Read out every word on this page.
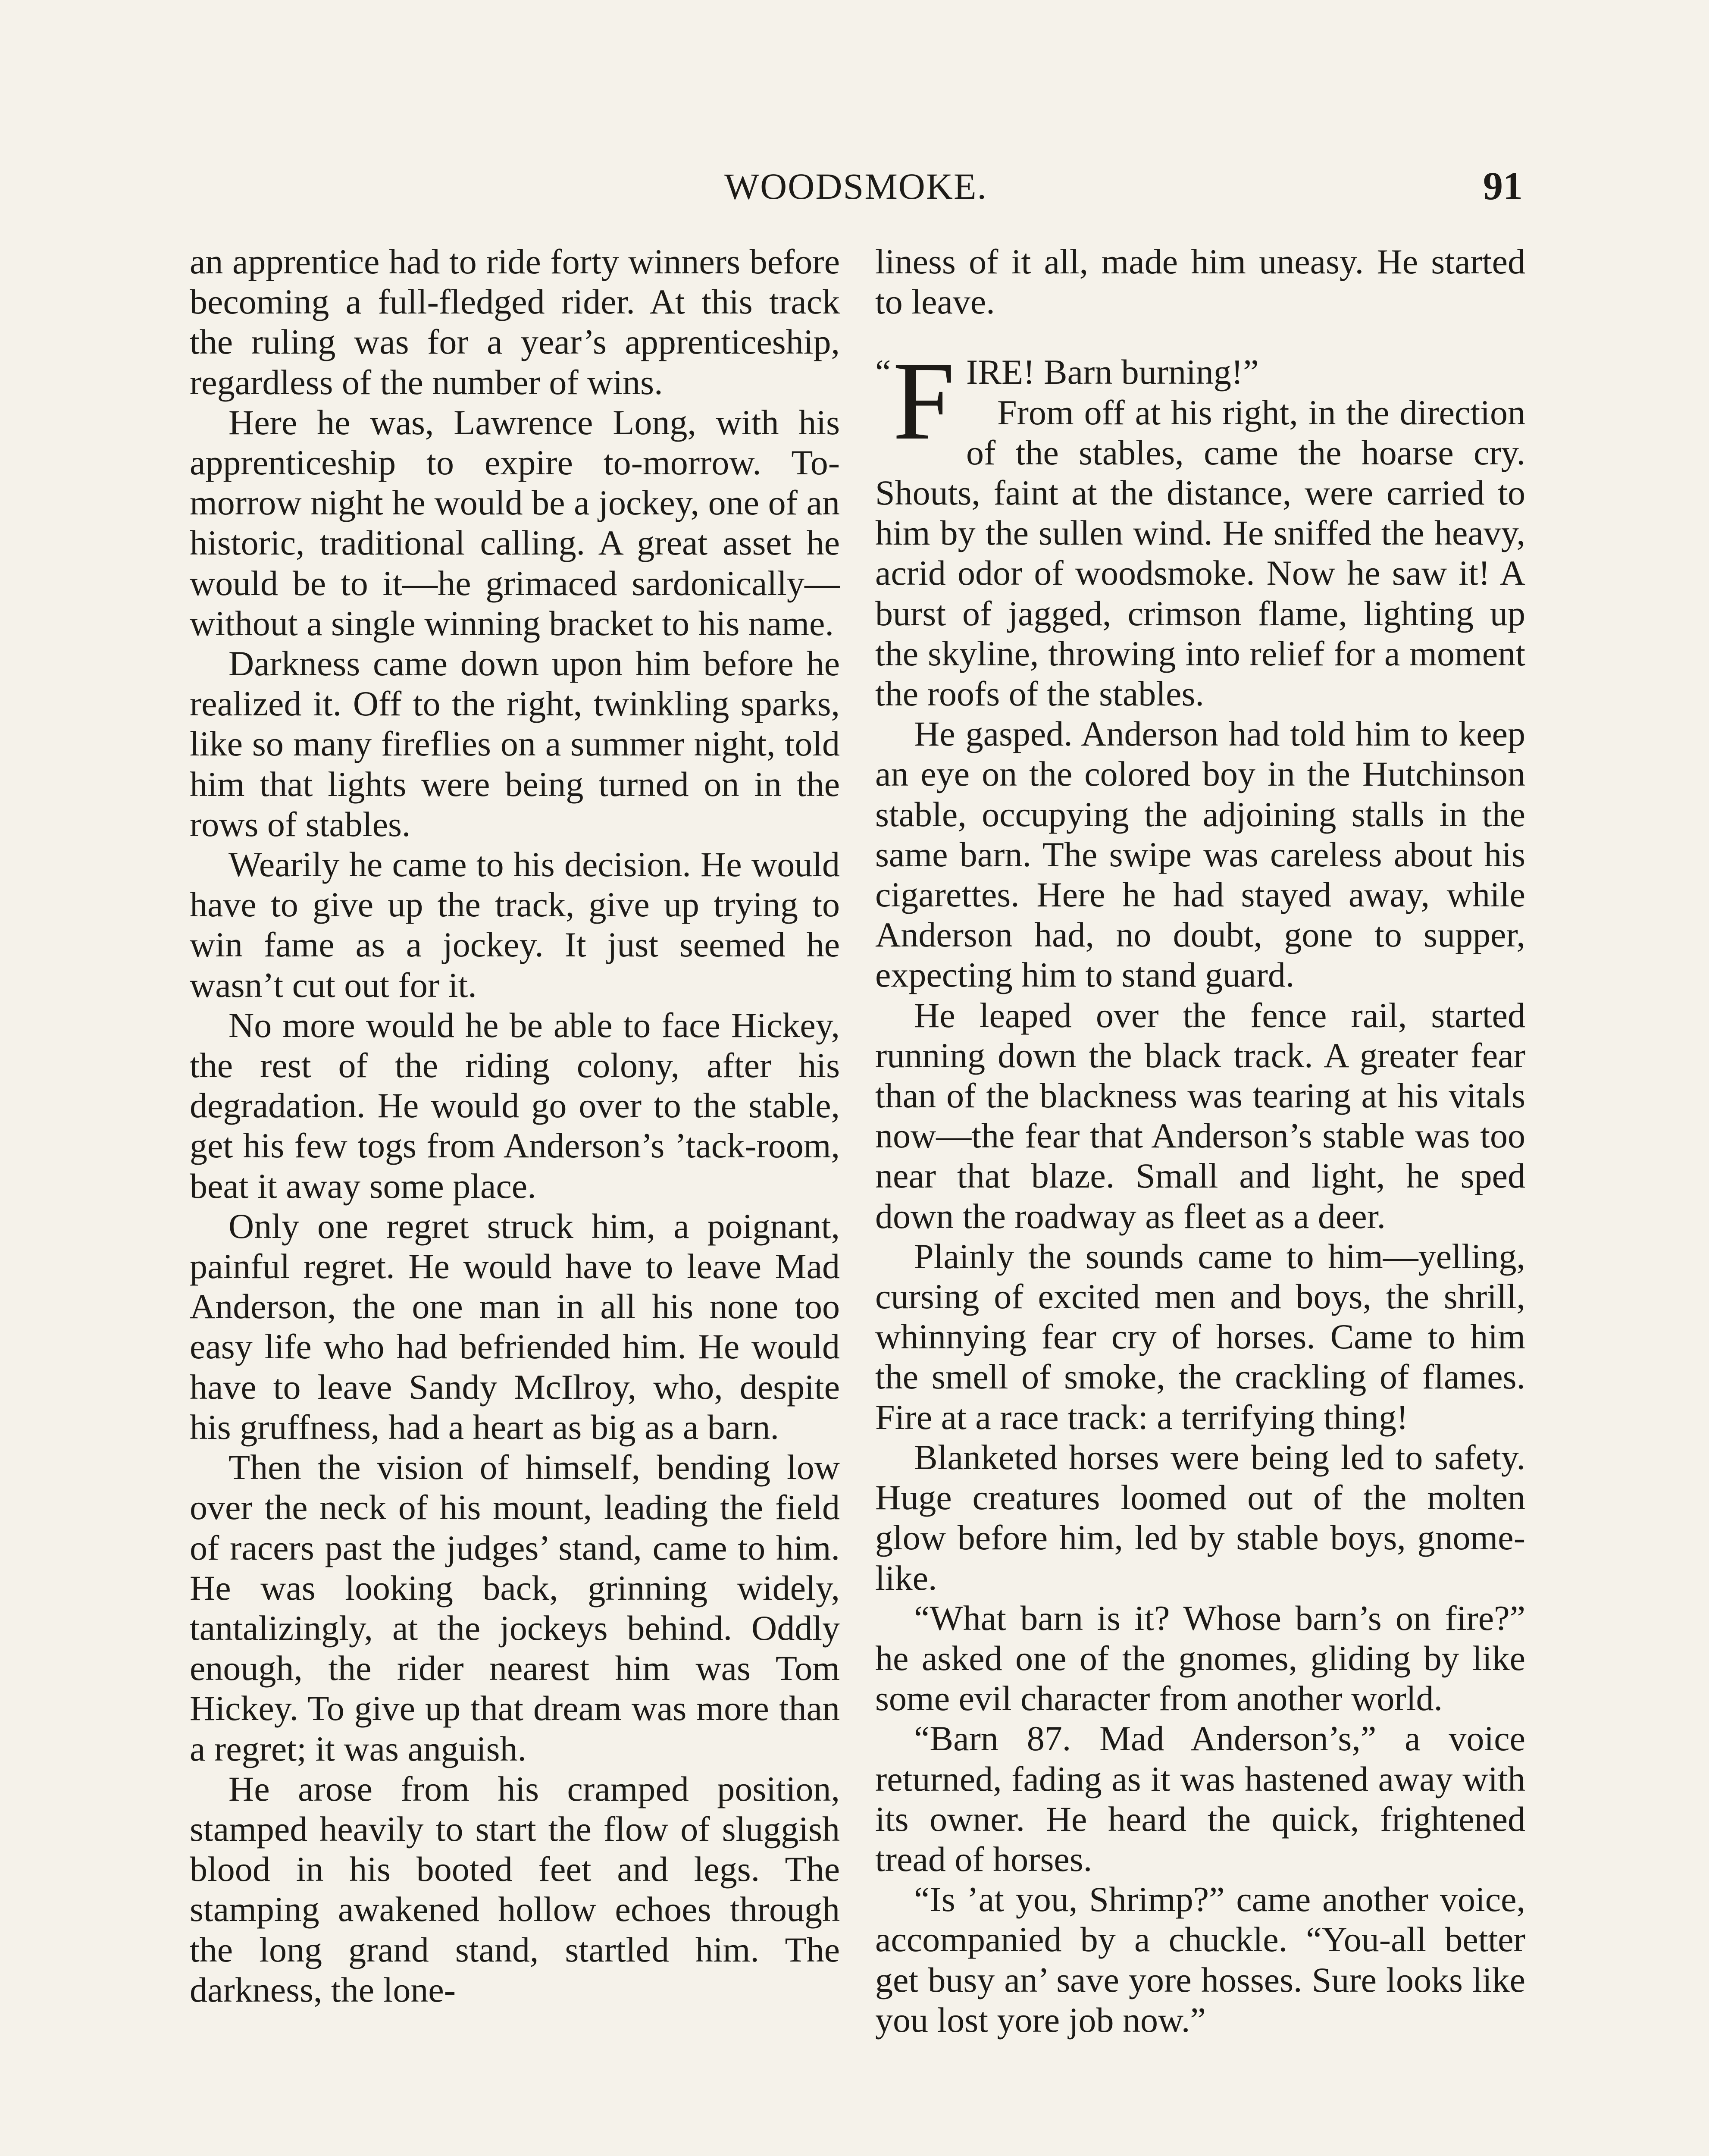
WOODSMOKE.	91

an apprentice had to ride forty winners before becoming a full-fledged rider. At this track the ruling was for a year’s apprenticeship, regardless of the number of wins.

Here he was, Lawrence Long, with his apprenticeship to expire to-morrow. To-morrow night he would be a jockey, one of an historic, traditional calling. A great asset he would be to it—he grimaced sardonically—without a single winning bracket to his name.

Darkness came down upon him before he realized it. Off to the right, twinkling sparks, like so many fireflies on a summer night, told him that lights were being turned on in the rows of stables.

Wearily he came to his decision. He would have to give up the track, give up trying to win fame as a jockey. It just seemed he wasn’t cut out for it.

No more would he be able to face Hickey, the rest of the riding colony, after his degradation. He would go over to the stable, get his few togs from Anderson’s ’tack-room, beat it away some place.

Only one regret struck him, a poignant, painful regret. He would have to leave Mad Anderson, the one man in all his none too easy life who had befriended him. He would have to leave Sandy McIlroy, who, despite his gruffness, had a heart as big as a barn.

Then the vision of himself, bending low over the neck of his mount, leading the field of racers past the judges’ stand, came to him. He was looking back, grinning widely, tantalizingly, at the jockeys behind. Oddly enough, the rider nearest him was Tom Hickey. To give up that dream was more than a regret; it was anguish.

He arose from his cramped position, stamped heavily to start the flow of sluggish blood in his booted feet and legs. The stamping awakened hollow echoes through the long grand stand, startled him. The darkness, the lone-

liness of it all, made him uneasy. He started to leave.

“ F IRE! Barn burning!”

From off at his right, in the direction of the stables, came the hoarse cry. Shouts, faint at the distance, were carried to him by the sullen wind. He sniffed the heavy, acrid odor of woodsmoke. Now he saw it! A burst of jagged, crimson flame, lighting up the skyline, throwing into relief for a moment the roofs of the stables.

He gasped. Anderson had told him to keep an eye on the colored boy in the Hutchinson stable, occupying the adjoining stalls in the same barn. The swipe was careless about his cigarettes. Here he had stayed away, while Anderson had, no doubt, gone to supper, expecting him to stand guard.

He leaped over the fence rail, started running down the black track. A greater fear than of the blackness was tearing at his vitals now—the fear that Anderson’s stable was too near that blaze. Small and light, he sped down the roadway as fleet as a deer.

Plainly the sounds came to him—yelling, cursing of excited men and boys, the shrill, whinnying fear cry of horses. Came to him the smell of smoke, the crackling of flames. Fire at a race track: a terrifying thing!

Blanketed horses were being led to safety. Huge creatures loomed out of the molten glow before him, led by stable boys, gnome-like.

“What barn is it? Whose barn’s on fire?” he asked one of the gnomes, gliding by like some evil character from another world.

“Barn 87. Mad Anderson’s,” a voice returned, fading as it was hastened away with its owner. He heard the quick, frightened tread of horses.

“Is ’at you, Shrimp?” came another voice, accompanied by a chuckle. “You-all better get busy an’ save yore hosses. Sure looks like you lost yore job now.”
